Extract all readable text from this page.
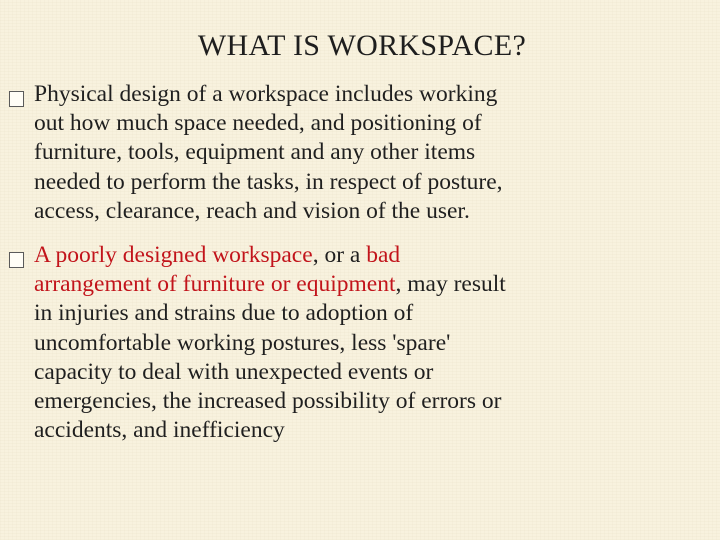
WHAT IS WORKSPACE?
Physical design of a workspace includes working
out how much space needed, and positioning of
furniture, tools, equipment and any other items
needed to perform the tasks, in respect of posture,
access, clearance, reach and vision of the user.
A poorly designed workspace, or a bad
arrangement of furniture or equipment, may result
in injuries and strains due to adoption of
uncomfortable working postures, less 'spare'
capacity to deal with unexpected events or
emergencies, the increased possibility of errors or
accidents, and inefficiency
